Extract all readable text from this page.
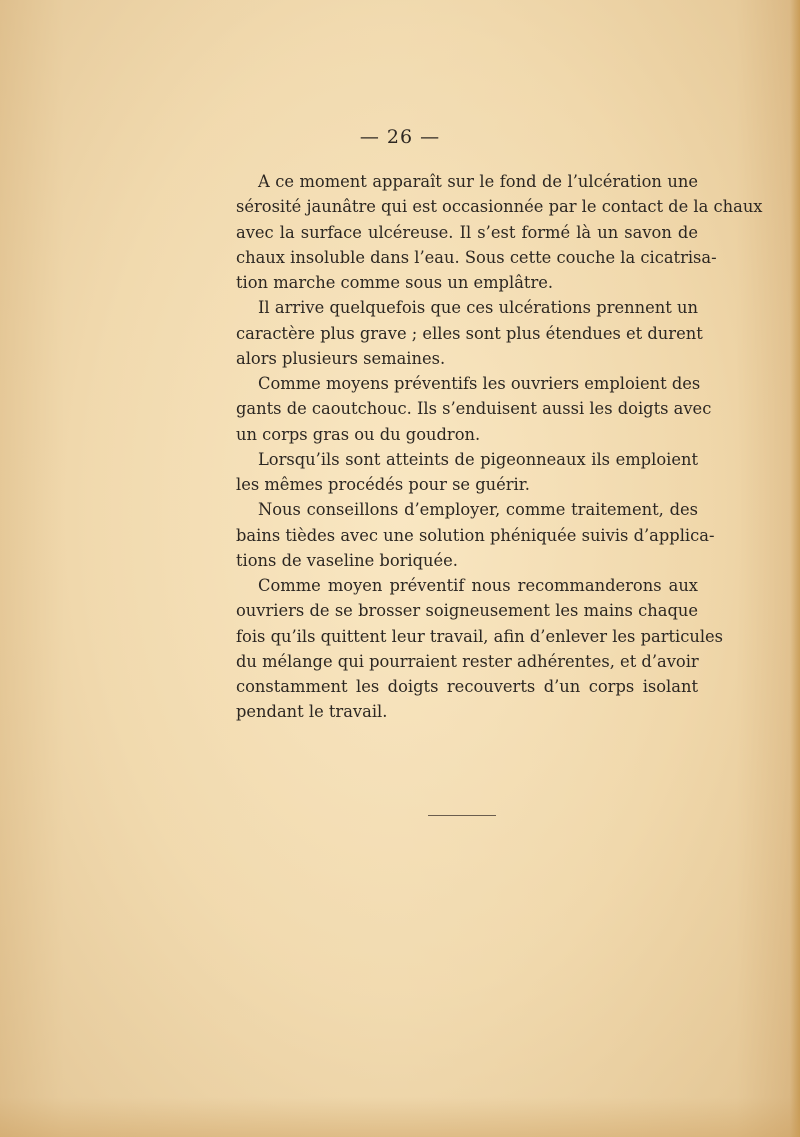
— 26 —
A ce moment apparaît sur le fond de l’ulcération une
sérosité jaunâtre qui est occasionnée par le contact de la chaux
avec la surface ulcéreuse. Il s’est formé là un savon de
chaux insoluble dans l’eau. Sous cette couche la cicatrisa-
tion marche comme sous un emplâtre.
Il arrive quelquefois que ces ulcérations prennent un
caractère plus grave ; elles sont plus étendues et durent
alors plusieurs semaines.
Comme moyens préventifs les ouvriers emploient des
gants de caoutchouc. Ils s’enduisent aussi les doigts avec
un corps gras ou du goudron.
Lorsqu’ils sont atteints de pigeonneaux ils emploient
les mêmes procédés pour se guérir.
Nous conseillons d’employer, comme traitement, des
bains tièdes avec une solution phéniquée suivis d’applica-
tions de vaseline boriquée.
Comme moyen préventif nous recommanderons aux
ouvriers de se brosser soigneusement les mains chaque
fois qu’ils quittent leur travail, afin d’enlever les particules
du mélange qui pourraient rester adhérentes, et d’avoir
constamment les doigts recouverts d’un corps isolant
pendant le travail.
